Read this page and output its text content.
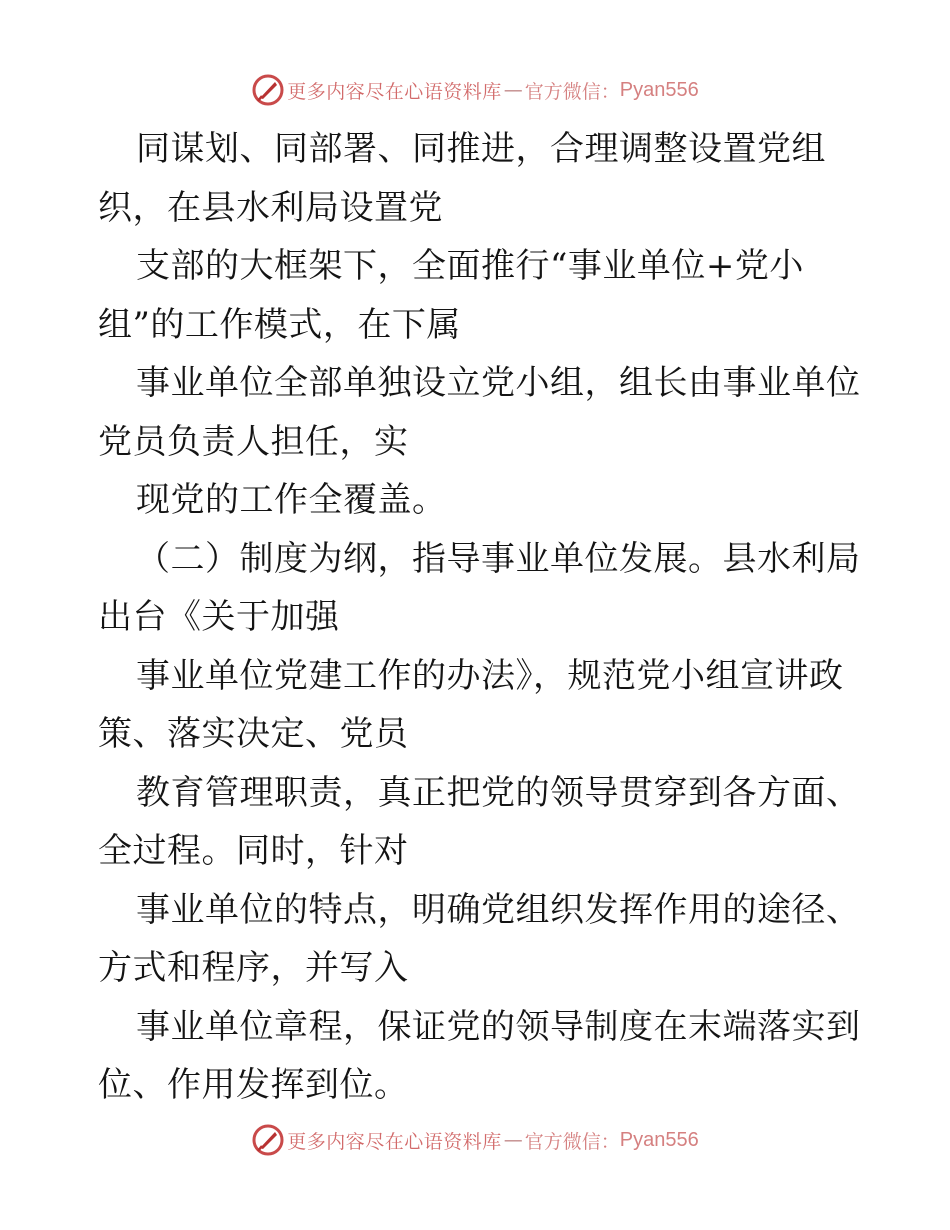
更多内容尽在心语资料库 — 官方微信： Pyan556
同谋划、同部署、同推进，合理调整设置党组
织，在县水利局设置党
支部的大框架下，全面推行“事业单位+党小
组”的工作模式，在下属
事业单位全部单独设立党小组，组长由事业单位
党员负责人担任，实
现党的工作全覆盖。
（二）制度为纲，指导事业单位发展。县水利局
出台《关于加强
事业单位党建工作的办法》，规范党小组宣讲政
策、落实决定、党员
教育管理职责，真正把党的领导贯穿到各方面、
全过程。同时，针对
事业单位的特点，明确党组织发挥作用的途径、
方式和程序，并写入
事业单位章程，保证党的领导制度在末端落实到
位、作用发挥到位。
更多内容尽在心语资料库 — 官方微信： Pyan556
